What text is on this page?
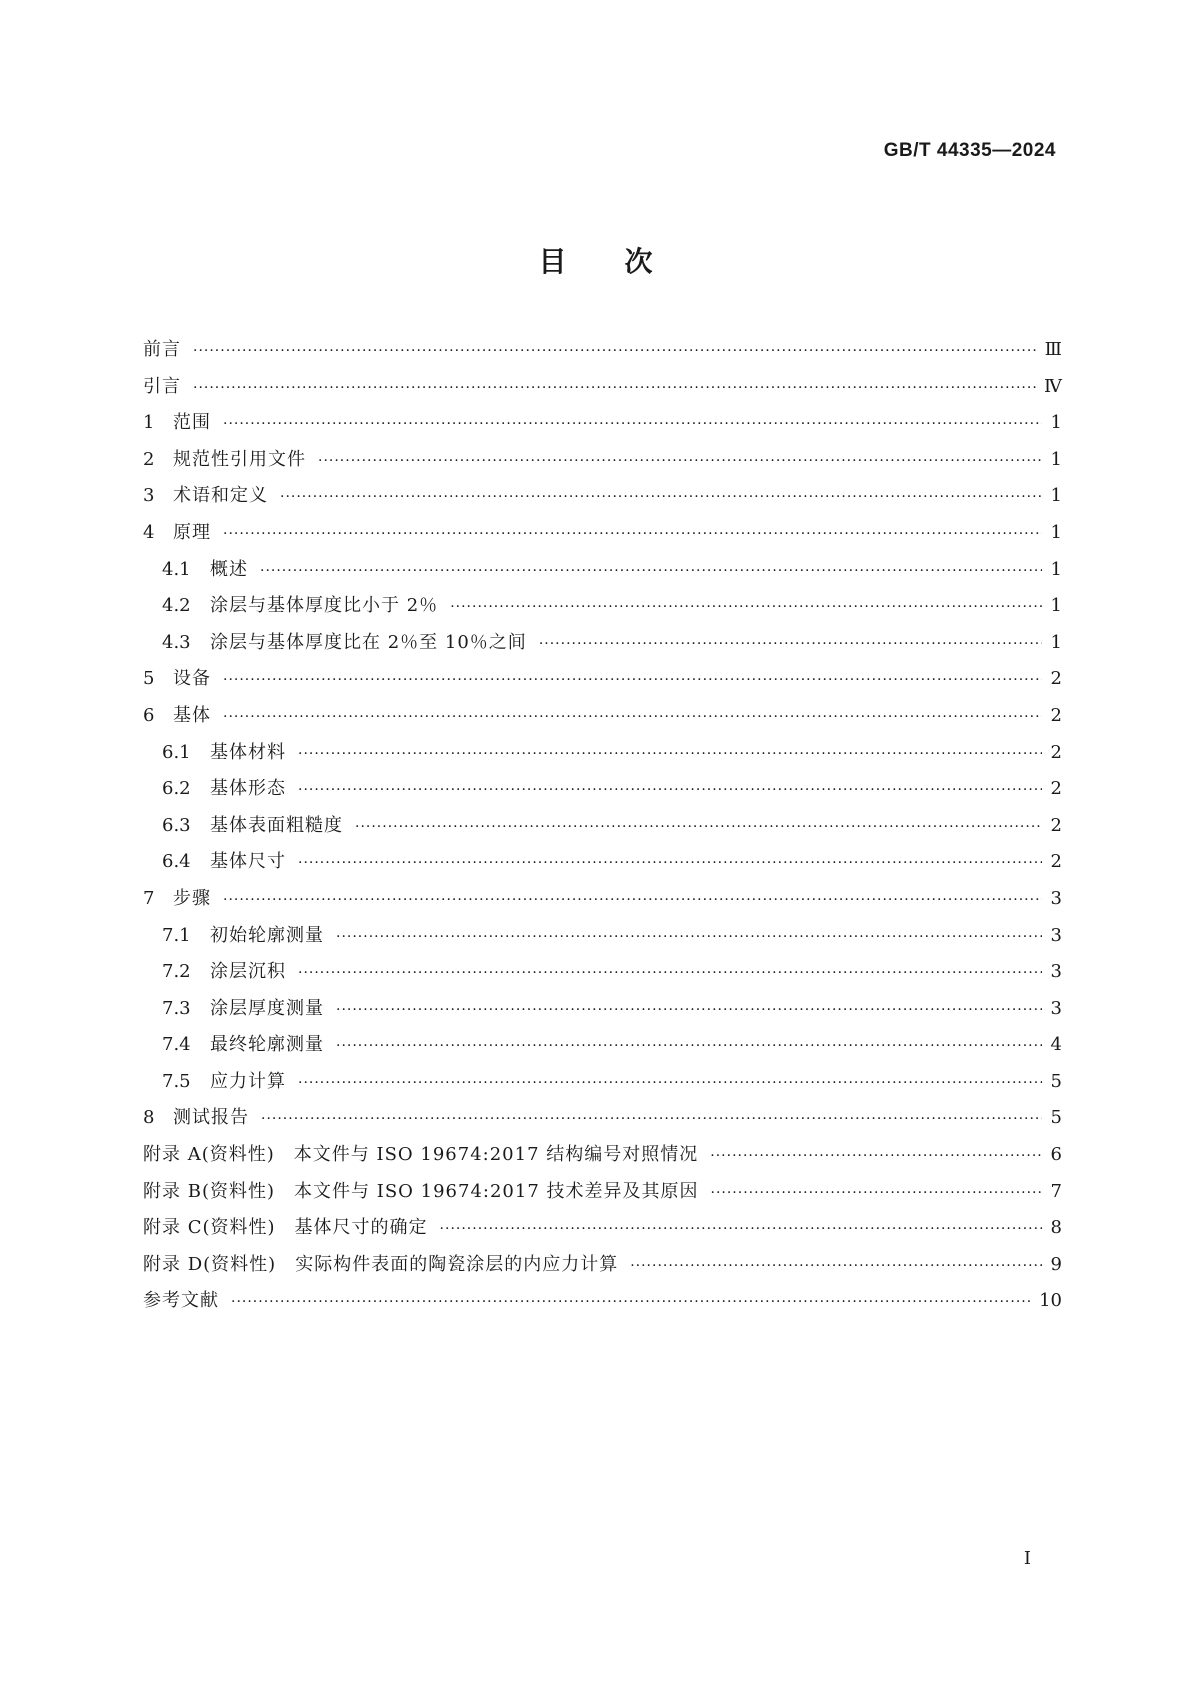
GB/T 44335—2024
目次
前言 ·····	Ⅲ
引言 ·····	Ⅳ
1	范围 ·····	1
2	规范性引用文件 ·····	1
3	术语和定义 ·····	1
4	原理 ·····	1
4.1	概述 ·····	1
4.2	涂层与基体厚度比小于 2％ ·····	1
4.3	涂层与基体厚度比在 2％至 10％之间 ·····	1
5	设备 ·····	2
6	基体 ·····	2
6.1	基体材料 ·····	2
6.2	基体形态 ·····	2
6.3	基体表面粗糙度 ·····	2
6.4	基体尺寸 ·····	2
7	步骤 ·····	3
7.1	初始轮廓测量 ·····	3
7.2	涂层沉积 ·····	3
7.3	涂层厚度测量 ·····	3
7.4	最终轮廓测量 ·····	4
7.5	应力计算 ·····	5
8	测试报告 ·····	5
附录 A(资料性)　本文件与 ISO 19674:2017 结构编号对照情况 ·····	6
附录 B(资料性)　本文件与 ISO 19674:2017 技术差异及其原因 ·····	7
附录 C(资料性)　基体尺寸的确定 ·····	8
附录 D(资料性)　实际构件表面的陶瓷涂层的内应力计算 ·····	9
参考文献 ·····	10
I
